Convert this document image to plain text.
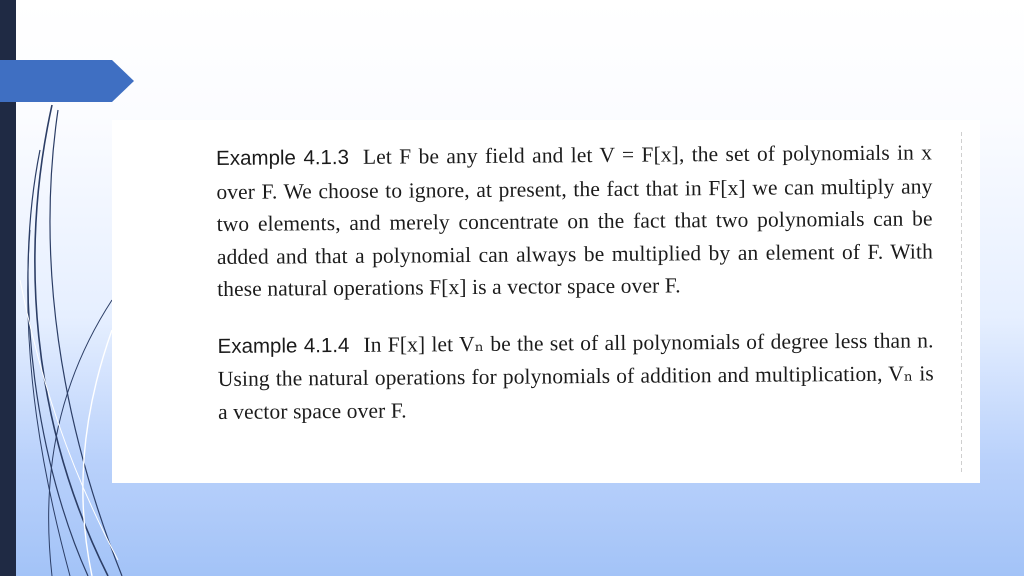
Example 4.1.3 Let F be any field and let V = F[x], the set of polynomials in x over F. We choose to ignore, at present, the fact that in F[x] we can multiply any two elements, and merely concentrate on the fact that two polynomials can be added and that a polynomial can always be multiplied by an element of F. With these natural operations F[x] is a vector space over F.

Example 4.1.4 In F[x] let Vₙ be the set of all polynomials of degree less than n. Using the natural operations for polynomials of addition and multiplication, Vₙ is a vector space over F.
